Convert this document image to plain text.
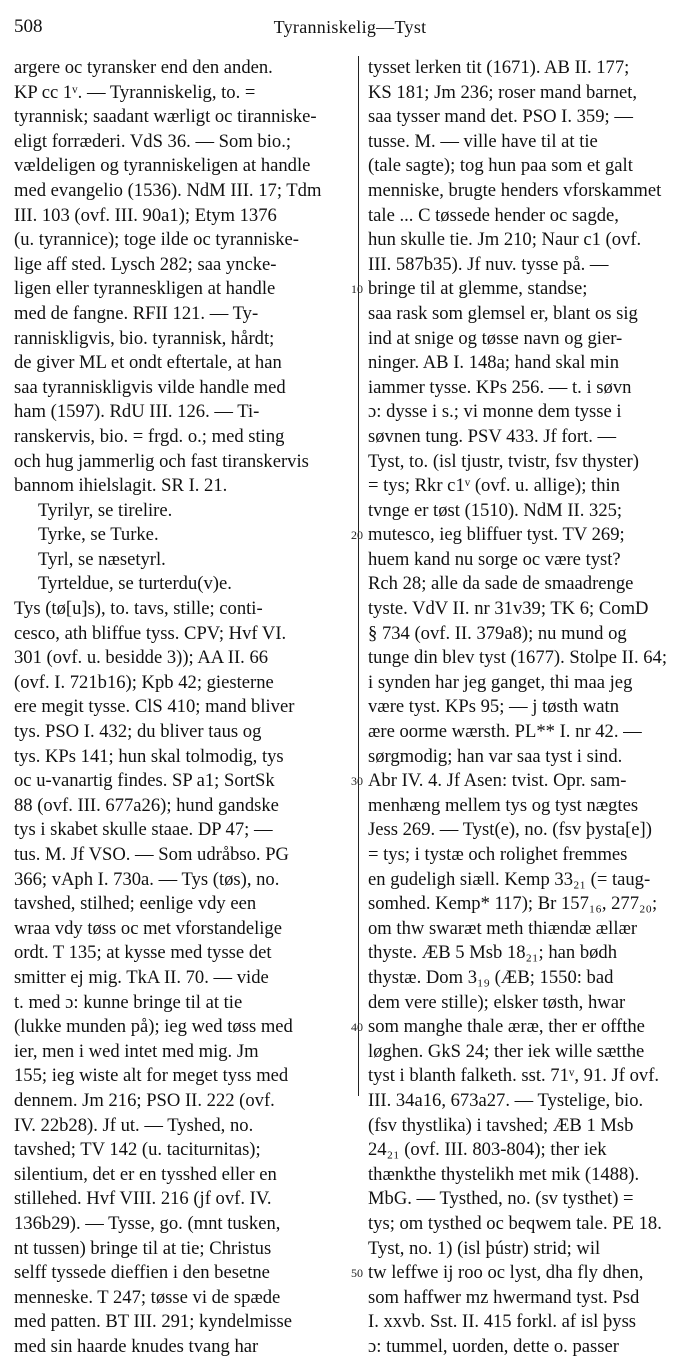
508	Tyranniskelig—Tyst
argere oc tyransker end den anden.
KP cc 1ᵛ. — Tyranniskelig, to. =
tyrannisk; saadant wærligt oc tiranniske-
eligt forræderi. VdS 36. — Som bio.;
vældeligen og tyranniskeligen at handle
med evangelio (1536). NdM III. 17; Tdm
III. 103 (ovf. III. 90a1); Etym 1376
(u. tyrannice); toge ilde oc tyranniske-
lige aff sted. Lysch 282; saa yncke-
ligen eller tyranneskligen at handle
med de fangne. RFII 121. — Ty-
ranniskligvis, bio. tyrannisk, hårdt;
de giver ML et ondt eftertale, at han
saa tyranniskligvis vilde handle med
ham (1597). RdU III. 126. — Ti-
ranskervis, bio. = frgd. o.; med sting
och hug jammerlig och fast tiranskervis
bannom ihielslagit. SR I. 21.
Tyrilyr, se tirelire.
Tyrke, se Turke.
Tyrl, se næsetyrl.
Tyrteldue, se turterdu(v)e.
Tys (tø[u]s), to. tavs, stille; conti-
cesco, ath bliffue tyss. CPV; Hvf VI.
301 (ovf. u. besidde 3)); AA II. 66
(ovf. I. 721b16); Kpb 42; giesterne
ere megit tysse. ClS 410; mand bliver
tys. PSO I. 432; du bliver taus og
tys. KPs 141; hun skal tolmodig, tys
oc u-vanartig findes. SP a1; SortSk
88 (ovf. III. 677a26); hund gandske
tys i skabet skulle staae. DP 47; —
tus. M. Jf VSO. — Som udråbso. PG
366; vAph I. 730a. — Tys (tøs), no.
tavshed, stilhed; eenlige vdy een
wraa vdy tøss oc met vforstandelige
ordt. T 135; at kysse med tysse det
smitter ej mig. TkA II. 70. — vide
t. med ɔ: kunne bringe til at tie
(lukke munden på); ieg wed tøss med
ier, men i wed intet med mig. Jm
155; ieg wiste alt for meget tyss med
dennem. Jm 216; PSO II. 222 (ovf.
IV. 22b28). Jf ut. — Tyshed, no.
tavshed; TV 142 (u. taciturnitas);
silentium, det er en tysshed eller en
stillehed. Hvf VIII. 216 (jf ovf. IV.
136b29). — Tysse, go. (mnt tusken,
nt tussen) bringe til at tie; Christus
selff tyssede dieffien i den besetne
menneske. T 247; tøsse vi de spæde
med patten. BT III. 291; kyndelmisse
med sin haarde knudes tvang har
tysset lerken tit (1671). AB II. 177;
KS 181; Jm 236; roser mand barnet,
saa tysser mand det. PSO I. 359; —
tusse. M. — ville have til at tie
(tale sagte); tog hun paa som et galt
menniske, brugte henders vforskammet
tale ... C tøssede hender oc sagde,
hun skulle tie. Jm 210; Naur c1 (ovf.
III. 587b35). Jf nuv. tysse på. —
bringe til at glemme, standse;
saa rask som glemsel er, blant os sig
ind at snige og tøsse navn og gier-
ninger. AB I. 148a; hand skal min
iammer tysse. KPs 256. — t. i søvn
ɔ: dysse i s.; vi monne dem tysse i
søvnen tung. PSV 433. Jf fort. —
Tyst, to. (isl tjustr, tvistr, fsv thyster)
= tys; Rkr c1ᵛ (ovf. u. allige); thin
tvnge er tøst (1510). NdM II. 325;
mutesco, ieg bliffuer tyst. TV 269;
huem kand nu sorge oc være tyst?
Rch 28; alle da sade de smaadrenge
tyste. VdV II. nr 31v39; TK 6; ComD
§ 734 (ovf. II. 379a8); nu mund og
tunge din blev tyst (1677). Stolpe II. 64;
i synden har jeg ganget, thi maa jeg
være tyst. KPs 95; — j tøsth watn
ære oorme wærsth. PL** I. nr 42. —
sørgmodig; han var saa tyst i sind.
Abr IV. 4. Jf Asen: tvist. Opr. sam-
menhæng mellem tys og tyst nægtes
Jess 269. — Tyst(e), no. (fsv þysta[e])
= tys; i tystæ och rolighet fremmes
en gudeligh siæll. Kemp 33₂₁ (= taug-
somhed. Kemp* 117); Br 157₁₆, 277₂₀;
om thw swaræt meth thiændæ ællær
thyste. ÆB 5 Msb 18₂₁; han bødh
thystæ. Dom 3₁₉ (ÆB; 1550: bad
dem vere stille); elsker tøsth, hwar
som manghe thale æræ, ther er offthe
løghen. GkS 24; ther iek wille sætthe
tyst i blanth falketh. sst. 71ᵛ, 91. Jf ovf.
III. 34a16, 673a27. — Tystelige, bio.
(fsv thystlika) i tavshed; ÆB 1 Msb
24₂₁ (ovf. III. 803-804); ther iek
thænkthe thystelikh met mik (1488).
MbG. — Tysthed, no. (sv tysthet) =
tys; om tysthed oc beqwem tale. PE 18.
Tyst, no. 1) (isl þústr) strid; wil
tw leffwe ij roo oc lyst, dha fly dhen,
som haffwer mz hwermand tyst. Psd
I. xxvb. Sst. II. 415 forkl. af isl þyss
ɔ: tummel, uorden, dette o. passer
10
20
30
40
50
